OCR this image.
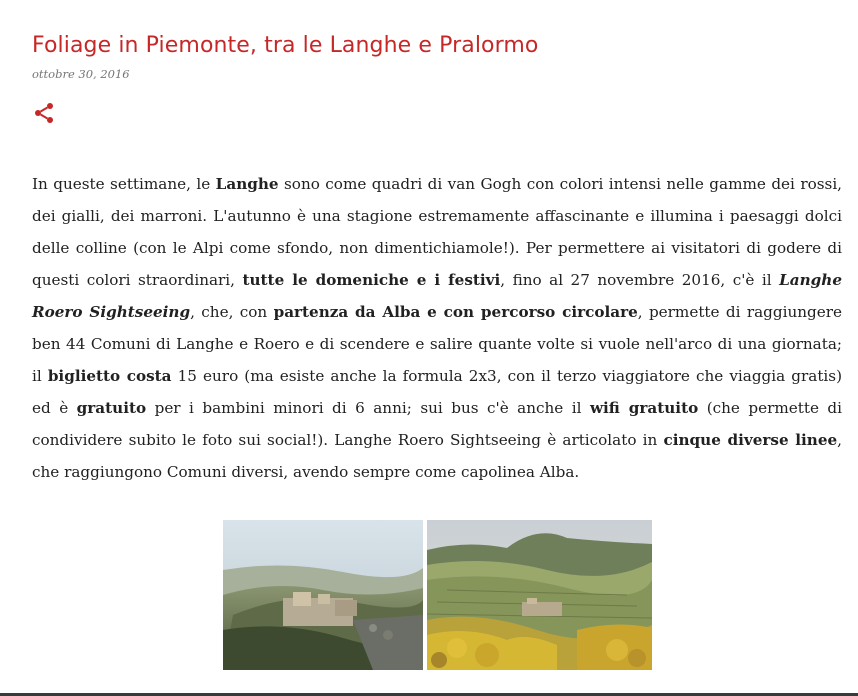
Foliage in Piemonte, tra le Langhe e Pralormo
ottobre 30, 2016

In queste settimane, le Langhe sono come quadri di van Gogh con colori intensi nelle gamme dei rossi, dei gialli, dei marroni. L'autunno è una stagione estremamente affascinante e illumina i paesaggi dolci delle colline (con le Alpi come sfondo, non dimentichiamole!). Per permettere ai visitatori di godere di questi colori straordinari, tutte le domeniche e i festivi, fino al 27 novembre 2016, c'è il Langhe Roero Sightseeing, che, con partenza da Alba e con percorso circolare, permette di raggiungere ben 44 Comuni di Langhe e Roero e di scendere e salire quante volte si vuole nell'arco di una giornata; il biglietto costa 15 euro (ma esiste anche la formula 2x3, con il terzo viaggiatore che viaggia gratis) ed è gratuito per i bambini minori di 6 anni; sui bus c'è anche il wifi gratuito (che permette di condividere subito le foto sui social!). Langhe Roero Sightseeing è articolato in cinque diverse linee, che raggiungono Comuni diversi, avendo sempre come capolinea Alba.
